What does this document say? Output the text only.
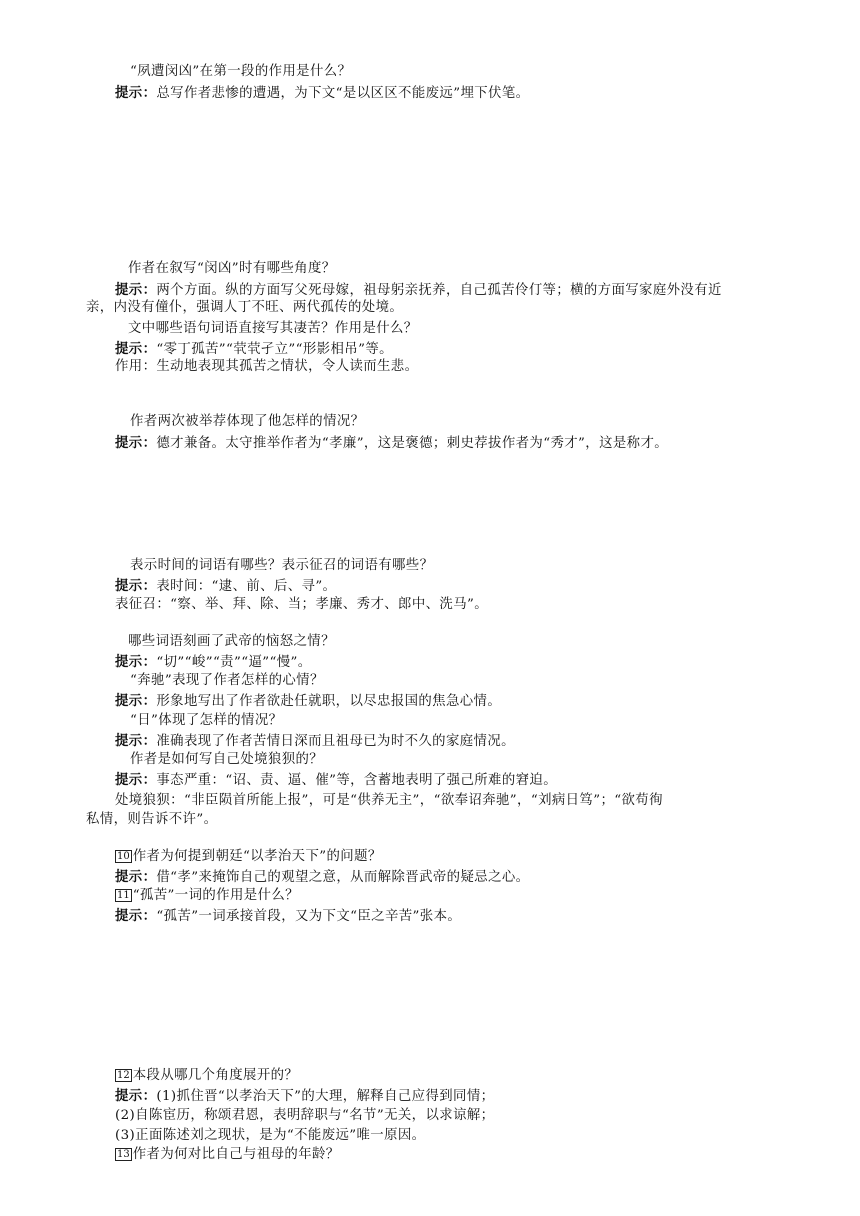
“夙遭闵凶”在第一段的作用是什么？

提示：总写作者悲惨的遭遇，为下文“是以区区不能废远”埋下伏笔。

作者在叙写“闵凶”时有哪些角度？

提示：两个方面。纵的方面写父死母嫁，祖母躬亲抚养，自己孤苦伶仃等；横的方面写家庭外没有近

亲，内没有僮仆，强调人丁不旺、两代孤传的处境。

文中哪些语句词语直接写其凄苦？作用是什么？

提示：“零丁孤苦”“茕茕孑立”“形影相吊”等。

作用：生动地表现其孤苦之情状，令人读而生悲。

作者两次被举荐体现了他怎样的情况？

提示：德才兼备。太守推举作者为“孝廉”，这是褒德；刺史荐拔作者为“秀才”，这是称才。

表示时间的词语有哪些？表示征召的词语有哪些？

提示：表时间：“逮、前、后、寻”。

表征召：“察、举、拜、除、当；孝廉、秀才、郎中、洗马”。

哪些词语刻画了武帝的恼怒之情？

提示：“切”“峻”“责”“逼”“慢”。

“奔驰”表现了作者怎样的心情？

提示：形象地写出了作者欲赴任就职，以尽忠报国的焦急心情。

“日”体现了怎样的情况？

提示：准确表现了作者苦情日深而且祖母已为时不久的家庭情况。

作者是如何写自己处境狼狈的？

提示：事态严重：“诏、责、逼、催”等，含蓄地表明了强己所难的窘迫。

处境狼狈：“非臣陨首所能上报”，可是“供养无主”，“欲奉诏奔驰”，“刘病日笃”；“欲苟徇

私情，则告诉不许”。

10 作者为何提到朝廷“以孝治天下”的问题？

提示：借“孝”来掩饰自己的观望之意，从而解除晋武帝的疑忌之心。

11 “孤苦”一词的作用是什么？

提示：“孤苦”一词承接首段，又为下文“臣之辛苦”张本。

12 本段从哪几个角度展开的？

提示：(1)抓住晋“以孝治天下”的大理，解释自己应得到同情；

(2)自陈宦历，称颂君恩，表明辞职与“名节”无关，以求谅解；

(3)正面陈述刘之现状，是为“不能废远”唯一原因。

13 作者为何对比自己与祖母的年龄？
